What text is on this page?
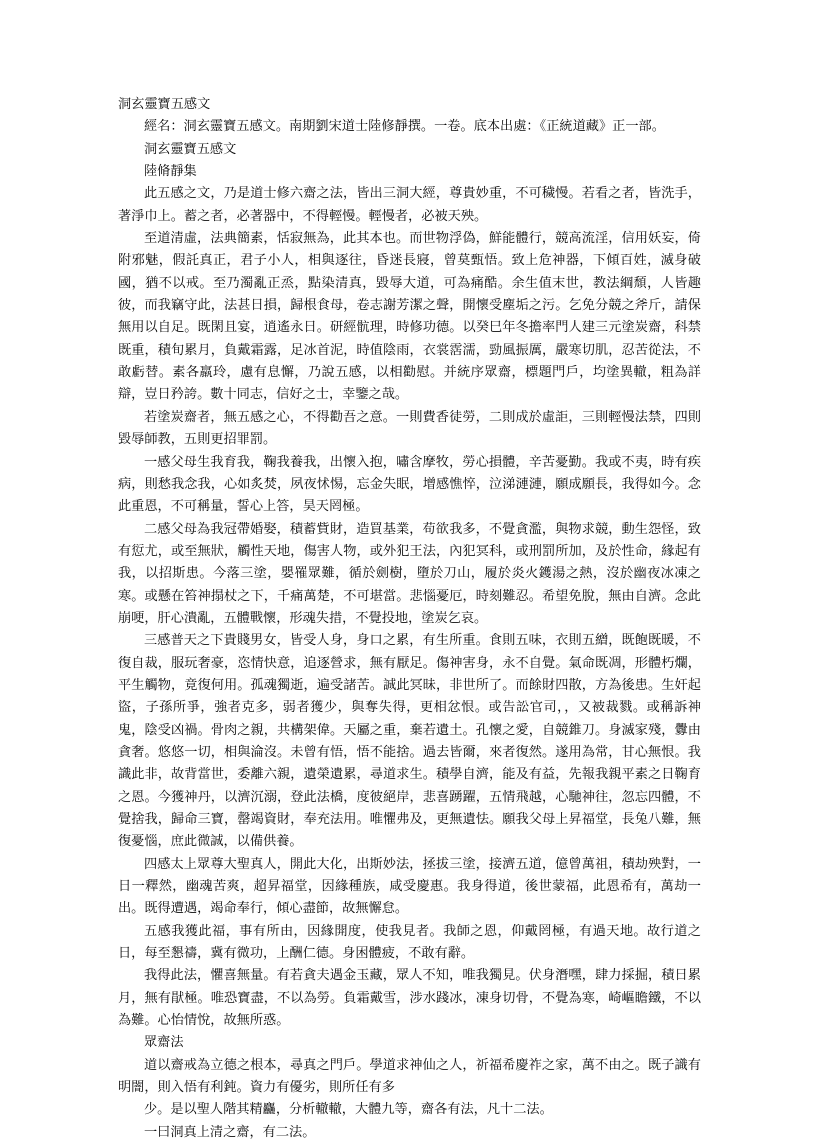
洞玄靈寶五感文

經名：洞玄靈寶五感文。南期劉宋道士陸修靜撰。一卷。底本出處：《正統道藏》正一部。

洞玄靈寶五感文

陸脩靜集

此五感之文，乃是道士修六齋之法，皆出三洞大經，尊貴妙重，不可穢慢。若看之者，皆洗手，著淨巾上。蓄之者，必著器中，不得輕慢。輕慢者，必被天殃。

至道清虛，法典簡素，恬寂無為，此其本也。而世物浮偽，鮮能體行，競高流淫，信用妖妄，倚附邪魅，假託真正，君子小人，相與逐往，昏迷長寢，曾莫甄悟。致上危神器，下傾百姓，滅身破國，猶不以戒。至乃濁亂正烝，點染清真，毀辱大道，可為痛酷。余生值末世，教法綱頹，人皆趣彼，而我竊守此，法甚日損，歸根食母，卷志謝芳潔之聲，開懷受塵垢之污。乞免分競之斧斤，請保無用以自足。既閑且宴，逍遙永日。研經骯理，時修功德。以癸巳年冬擔率門人建三元塗炭齋，科禁既重，積旬累月，負戴霜露，足冰首泥，時值陰雨，衣裳霑濡，勁風振厲，嚴寒切肌，忍苦從法，不敢虧替。素各羸玲，慮有息懈，乃說五感，以相勸慰。并統序眾齋，標題門戶，均塗異轍，粗為詳辯，豈日矜誇。數十同志，信好之士，幸鑒之哉。

若塗炭齋者，無五感之心，不得勸吾之意。一則費香徒勞，二則成於虛詎，三則輕慢法禁，四則毀辱師教，五則更招罪罰。

一感父母生我育我，鞠我養我，出懷入抱，嘯含摩牧，勞心損體，辛苦憂勤。我或不夷，時有疾病，則愁我念我，心如炙焚，夙夜怵惕，忘金失眠，增感憔悴，泣涕漣漣，願成願長，我得如今。念此重恩，不可稱量，誓心上答，昊天罔極。

二感父母為我冠帶婚娶，積蓄貲財，造買基業，苟欲我多，不覺貪濫，與物求競，動生怨怪，致有愆尤，或至無狀，觸性天地，傷害人物，或外犯王法，內犯冥科，或刑罰所加，及於性命，緣起有我，以招斯患。今落三塗，嬰罹眾難，循於劍樹，墮於刀山，履於炎火鑊湯之熱，沒於幽夜冰凍之寒。或懸在笞神搨杖之下，千痛萬楚，不可堪當。悲惱憂厄，時刻難忍。希望免脫，無由自濟。念此崩哽，肝心潰亂，五體戰懷，形魂失措，不覺投地，塗炭乞哀。

三感普天之下貴賤男女，皆受人身，身口之累，有生所重。食則五味，衣則五繒，既飽既暖，不復自裁，服玩奢豪，恣情快意，追逐營求，無有厭足。傷神害身，永不自覺。氣命既凋，形體朽爛，平生觸物，竟復何用。孤魂獨逝，遍受諸苦。誠此冥昧，非世所了。而餘財四散，方為後患。生奸起盜，子孫所爭，強者克多，弱者獲少，與奪失得，更相忿恨。或告訟官司，，又被裁戮。或稱訴神鬼，陰受凶禍。骨肉之親，共構架偉。天屬之重，棄若遺土。孔懷之愛，自競錐刀。身滅家殘，釁由貪奢。悠悠一切，相與淪沒。未曾有悟，悟不能捨。過去皆爾，來者復然。遂用為常，甘心無恨。我識此非，故背當世，委離六親，遺榮遺累，尋道求生。積學自濟，能及有益，先報我親平素之日鞠育之恩。今獲神丹，以濟沉溺，登此法橋，度彼絕岸，悲喜踴躍，五情飛越，心馳神往，忽忘四體，不覺捨我，歸命三寶，罄竭資財，奉充法用。唯懼弗及，更無遺怯。願我父母上昇福堂，長兔八難，無復憂惱，庶此微誠，以備供養。

四感太上眾尊大聖真人，開此大化，出斯妙法，拯拔三塗，接濟五道，億曾萬祖，積劫殃對，一日一釋然，幽魂苦爽，超昇福堂，因緣種族，咸受慶惠。我身得道，後世蒙福，此恩希有，萬劫一出。既得遭遇，竭命奉行，傾心盡節，故無懈怠。

五感我獲此福，事有所由，因緣開度，使我見者。我師之恩，仰戴罔極，有過天地。故行道之日，每至懇禱，冀有微功，上酬仁德。身困體疲，不敢有辭。

我得此法，懼喜無量。有若貪夫遇金玉藏，眾人不知，唯我獨見。伏身潛嘿，肆力採掘，積日累月，無有猒極。唯恐寶盡，不以為勞。負霜戴雪，涉水踐冰，凍身切骨，不覺為寒，崎嶇瞻鐵，不以為難。心怡情悅，故無所惑。

眾齋法

道以齋戒為立德之根本，尋真之門戶。學道求神仙之人，祈福希慶祚之家，萬不由之。既子識有明闇，則入悟有利鈍。資力有優劣，則所任有多

少。是以聖人階其精麤，分析轍轍，大體九等，齋各有法，凡十二法。

一曰洞真上清之齋，有二法。
